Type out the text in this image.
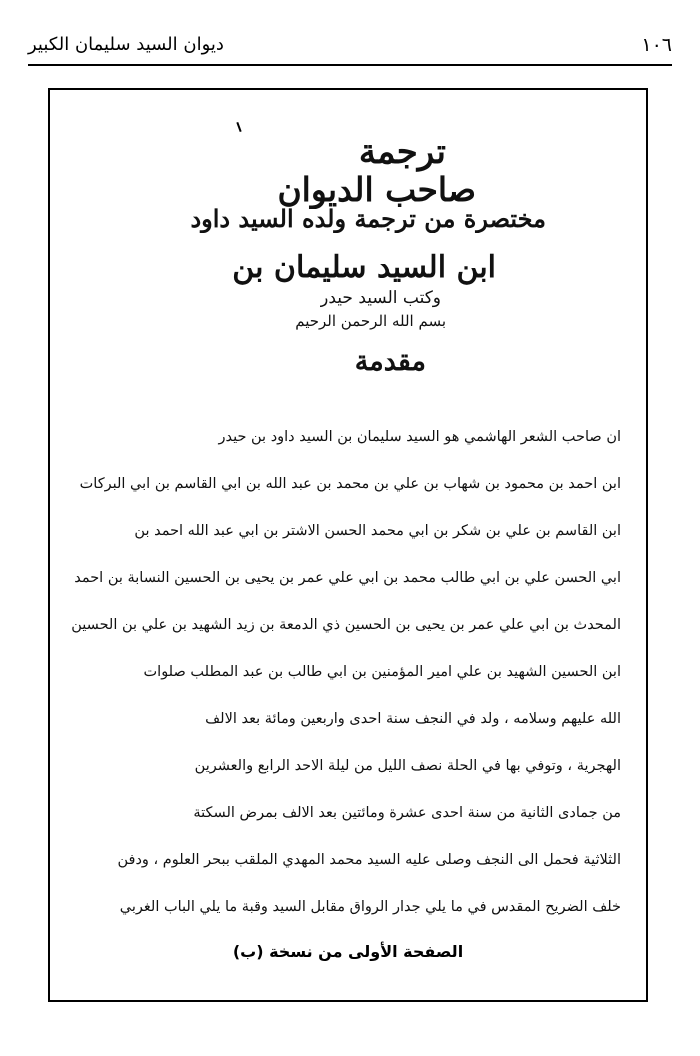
١٠٦
ديوان السيد سليمان الكبير
ترجمة
صاحب الديوان
مختصرة من ترجمة ولده السيد داود
ابن السيد سليمان بن
وكتب السيد حيدر
بسم الله الرحمن الرحيم
مقدمة
ان صاحب الشعر الهاشمي هو السيد سليمان بن السيد داود بن حيدر
ابن احمد بن محمود بن شهاب بن علي بن محمد بن عبد الله بن ابي القاسم بن ابي البركات
ابن القاسم بن علي بن شكر بن ابي محمد الحسن الاشتر بن ابي عبد الله احمد بن
ابي الحسن علي بن ابي طالب محمد بن ابي علي عمر بن يحيى بن الحسين النسابة بن احمد
المحدث بن ابي علي عمر بن يحيى بن الحسين ذي الدمعة بن زيد الشهيد بن علي بن الحسين
ابن الحسين الشهيد بن علي امير المؤمنين بن ابي طالب بن عبد المطلب صلوات
الله عليهم وسلامه ، ولد في النجف سنة احدى واربعين ومائة بعد الالف
الهجرية ، وتوفي بها في الحلة نصف الليل من ليلة الاحد الرابع والعشرين
من جمادى الثانية من سنة احدى عشرة ومائتين بعد الالف بمرض السكتة
الثلاثية فحمل الى النجف وصلى عليه السيد محمد المهدي الملقب ببحر العلوم ، ودفن
خلف الضريح المقدس في ما يلي جدار الرواق مقابل السيد وقبة ما يلي الباب الغربي
الصفحة الأولى من نسخة (ب)
